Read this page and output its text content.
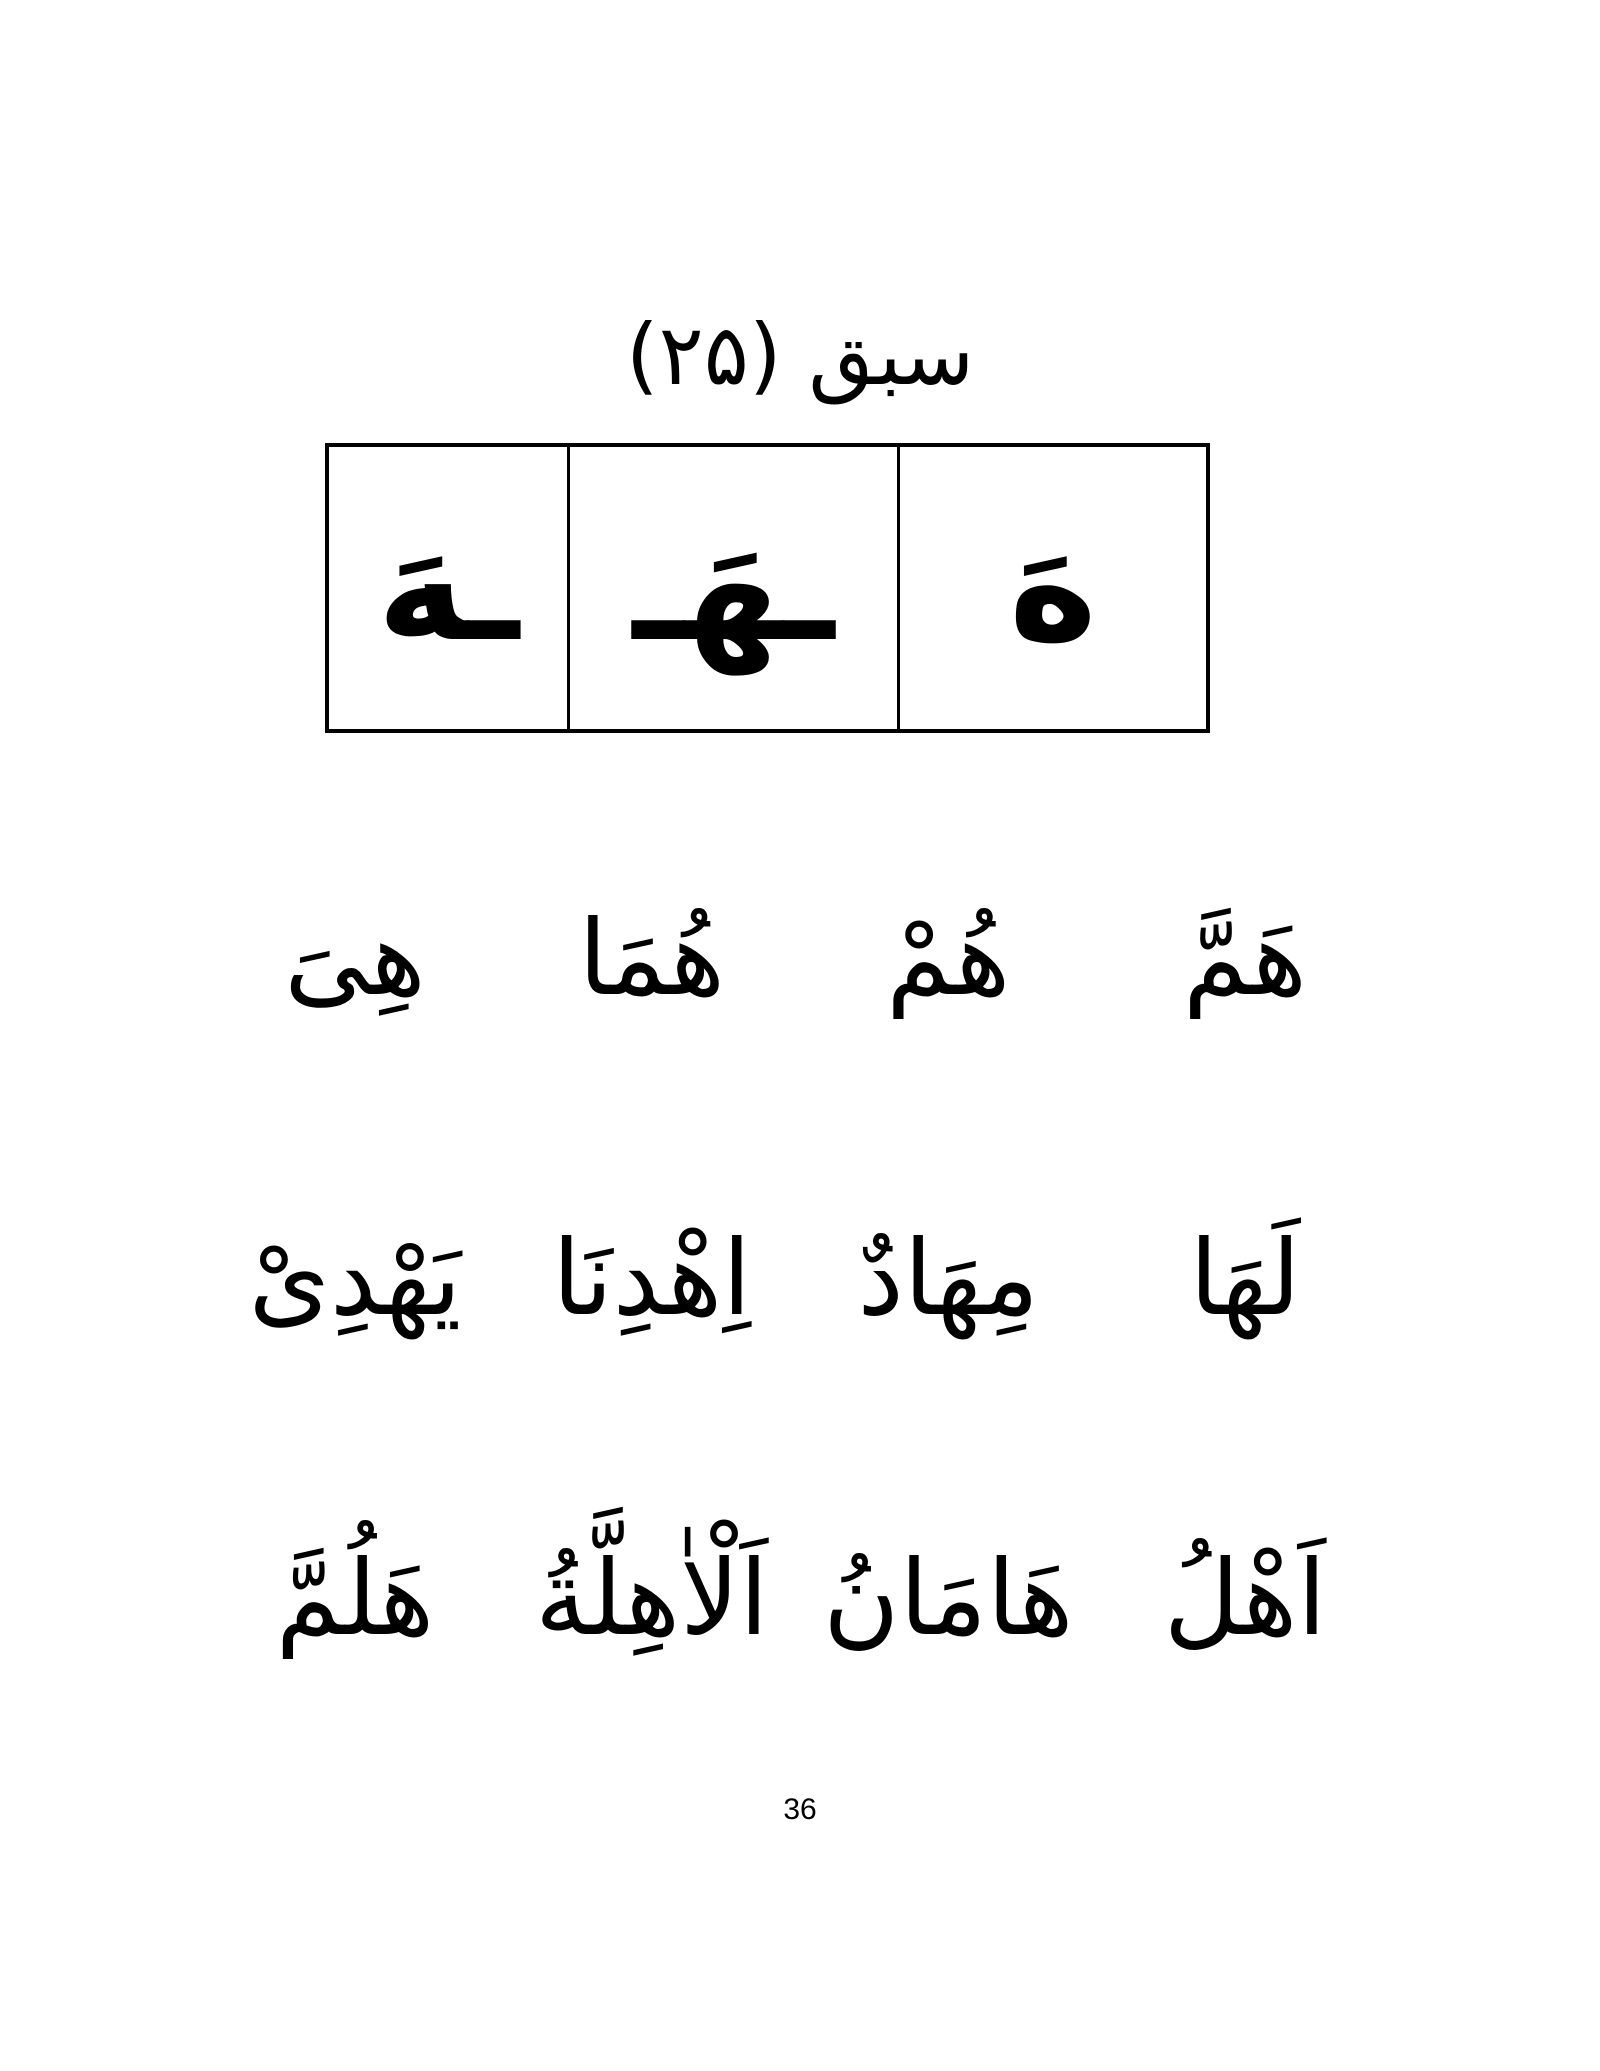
سبق (۲۵)
هَ
ـهَـ
ـهَ
هَمَّ
هُمْ
هُمَا
هِیَ
لَهَا
مِهَادٌ
اِهْدِنَا
یَهْدِیْ
اَهْلُ
هَامَانُ
اَلْاٰهِلَّةُ
هَلُمَّ
36
